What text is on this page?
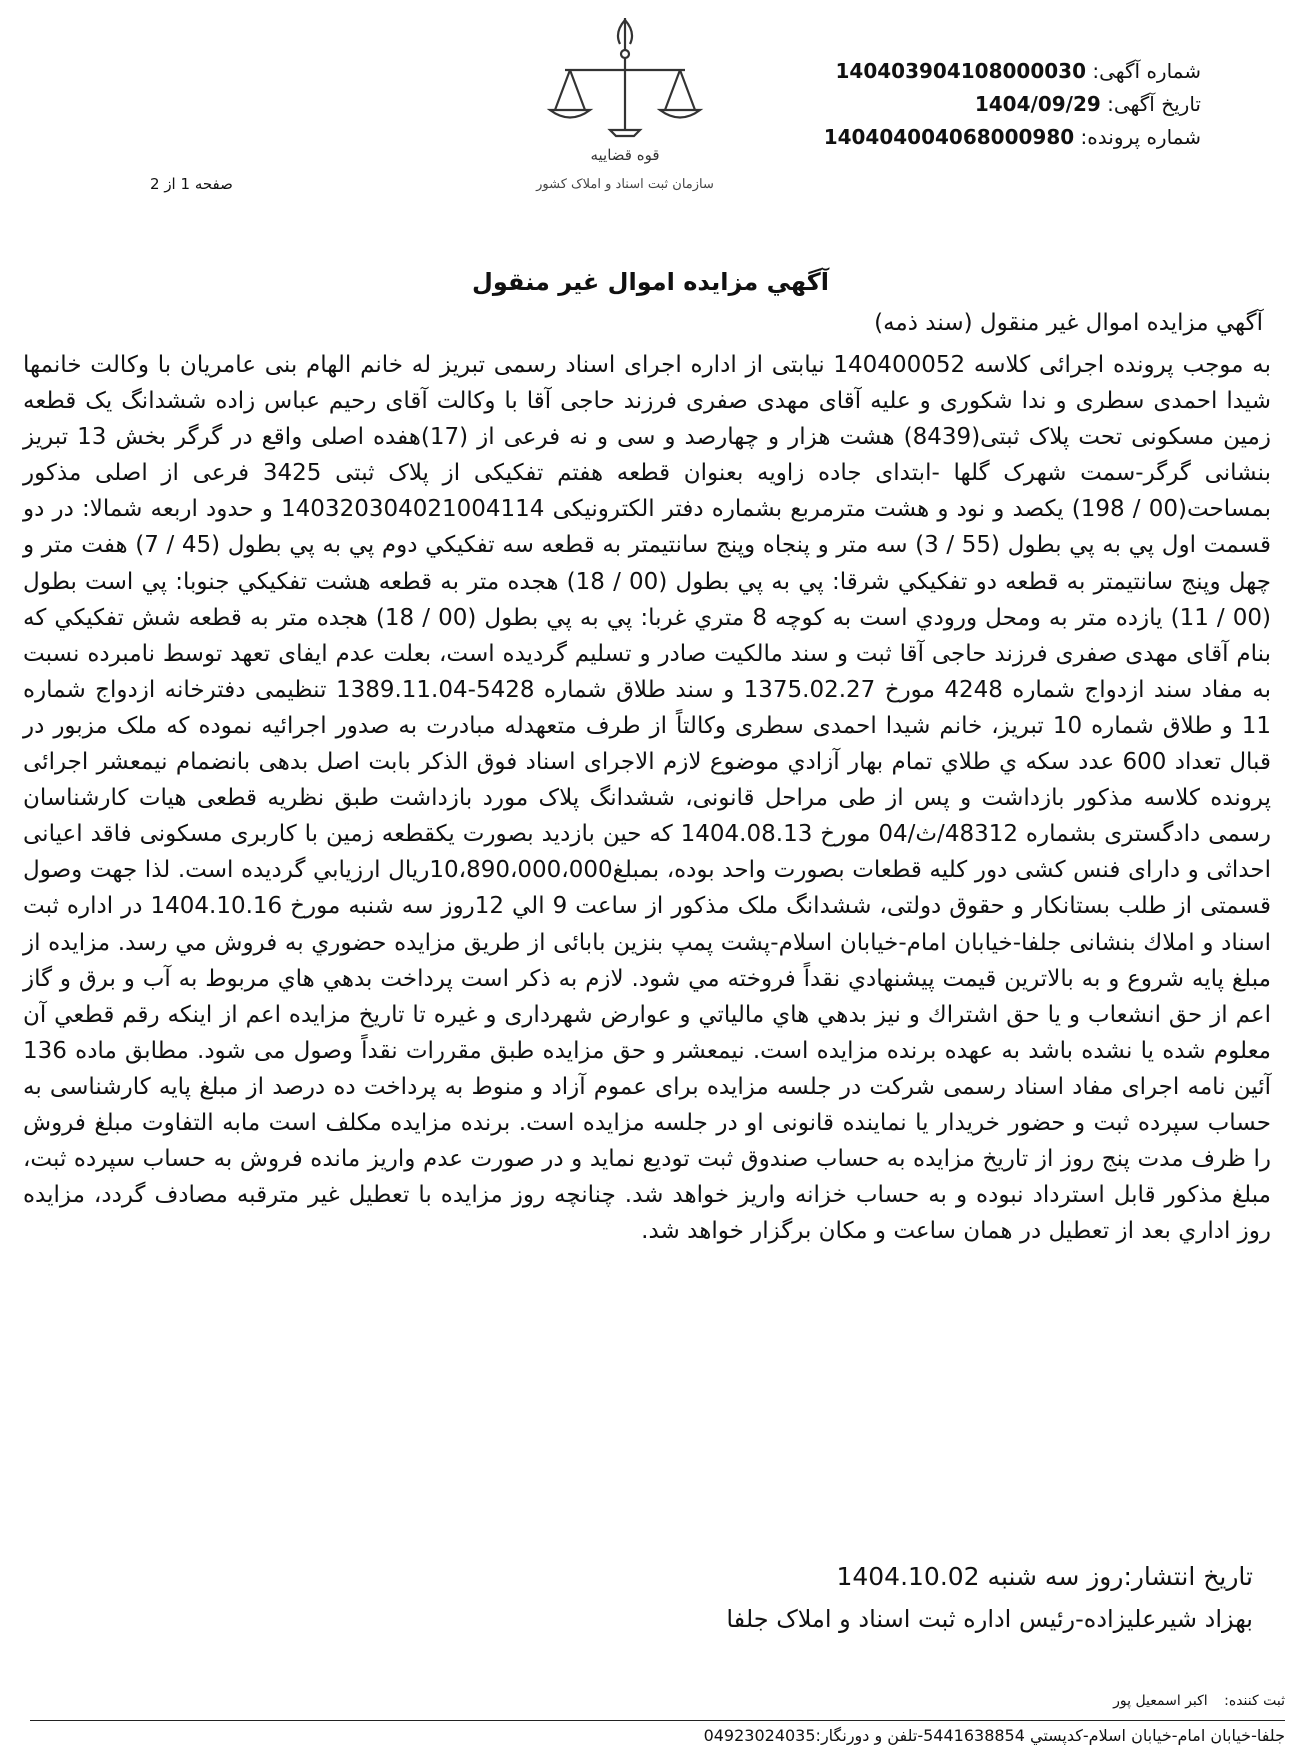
شماره آگهی: 140403904108000030
تاریخ آگهی: 1404/09/29
شماره پرونده: 140404004068000980
قوه قضاییه
سازمان ثبت اسناد و املاک کشور
صفحه 1 از 2
آگهي مزايده اموال غير منقول
آگهي مزايده اموال غير منقول (سند ذمه)
به موجب پرونده اجرائی کلاسه 140400052 نیابتی از اداره اجرای اسناد رسمی تبریز له خانم الهام بنی عامریان با وکالت خانمها شیدا احمدی سطری و ندا شکوری و علیه آقای مهدی صفری فرزند حاجی آقا با وکالت آقای رحیم عباس زاده ششدانگ یک قطعه زمین مسکونی تحت پلاک ثبتی(8439) هشت هزار و چهارصد و سی و نه فرعی از (17)هفده اصلی واقع در گرگر بخش 13 تبریز بنشانی گرگر-سمت شهرک گلها -ابتدای جاده زاویه بعنوان قطعه هفتم تفکیکی از پلاک ثبتی 3425 فرعی از اصلی مذکور بمساحت(00 / 198) یکصد و نود و هشت مترمربع بشماره دفتر الکترونیکی 140320304021004114 و حدود اربعه شمالا: در دو قسمت اول پي به پي بطول (55 / 3) سه متر و پنجاه وپنج سانتيمتر به قطعه سه تفکيکي دوم پي به پي بطول (45 / 7) هفت متر و چهل وپنج سانتيمتر به قطعه دو تفکيکي شرقا: پي به پي بطول (00 / 18) هجده متر به قطعه هشت تفکيکي جنوبا: پي است بطول (00 / 11) يازده متر به ومحل ورودي است به کوچه 8 متري غربا: پي به پي بطول (00 / 18) هجده متر به قطعه شش تفکيکي که بنام آقای مهدی صفری فرزند حاجی آقا ثبت و سند مالکیت صادر و تسلیم گردیده است، بعلت عدم ایفای تعهد توسط نامبرده نسبت به مفاد سند ازدواج شماره 4248 مورخ 1375.02.27 و سند طلاق شماره 5428-1389.11.04 تنظیمی دفترخانه ازدواج شماره 11 و طلاق شماره 10 تبریز، خانم شیدا احمدی سطری وکالتاً از طرف متعهدله مبادرت به صدور اجرائیه نموده که ملک مزبور در قبال تعداد 600 عدد سکه ي طلاي تمام بهار آزادي موضوع لازم الاجرای اسناد فوق الذکر بابت اصل بدهی بانضمام نیمعشر اجرائی پرونده کلاسه مذکور بازداشت و پس از طی مراحل قانونی، ششدانگ پلاک مورد بازداشت طبق نظریه قطعی هیات کارشناسان رسمی دادگستری بشماره 48312/ث/04 مورخ 1404.08.13 که حین بازدید بصورت یکقطعه زمین با کاربری مسکونی فاقد اعیانی احداثی و دارای فنس کشی دور کلیه قطعات بصورت واحد بوده، بمبلغ10،890،000،000ريال ارزيابي گرديده است. لذا جهت وصول قسمتی از طلب بستانکار و حقوق دولتی، ششدانگ ملک مذکور از ساعت 9 الي 12روز سه شنبه مورخ 1404.10.16 در اداره ثبت اسناد و املاك بنشانی جلفا-خیابان امام-خیابان اسلام-پشت پمپ بنزین بابائی از طريق مزايده حضوري به فروش مي رسد. مزايده از مبلغ پايه شروع و به بالاترين قيمت پيشنهادي نقداً فروخته مي شود. لازم به ذكر است پرداخت بدهي هاي مربوط به آب و برق و گاز اعم از حق انشعاب و يا حق اشتراك و نيز بدهي هاي مالياتي و عوارض شهرداری و غيره تا تاريخ مزايده اعم از اينكه رقم قطعي آن معلوم شده يا نشده باشد به عهده برنده مزايده است. نیمعشر و حق مزایده طبق مقررات نقداً وصول می شود. مطابق ماده 136 آئین نامه اجرای مفاد اسناد رسمی شرکت در جلسه مزایده برای عموم آزاد و منوط به پرداخت ده درصد از مبلغ پایه کارشناسی به حساب سپرده ثبت و حضور خریدار یا نماینده قانونی او در جلسه مزایده است. برنده مزایده مکلف است مابه التفاوت مبلغ فروش را ظرف مدت پنج روز از تاریخ مزایده به حساب صندوق ثبت تودیع نماید و در صورت عدم واریز مانده فروش به حساب سپرده ثبت، مبلغ مذکور قابل استرداد نبوده و به حساب خزانه واریز خواهد شد. چنانچه روز مزایده با تعطیل غیر مترقبه مصادف گردد، مزایده روز اداري بعد از تعطیل در همان ساعت و مکان برگزار خواهد شد.
تاريخ انتشار:روز سه شنبه 1404.10.02
بهزاد شيرعليزاده-رئيس اداره ثبت اسناد و املاک جلفا
ثبت کننده: اکبر اسمعیل پور
جلفا-خيابان امام-خيابان اسلام-کدپستي 5441638854-تلفن و دورنگار:04923024035
